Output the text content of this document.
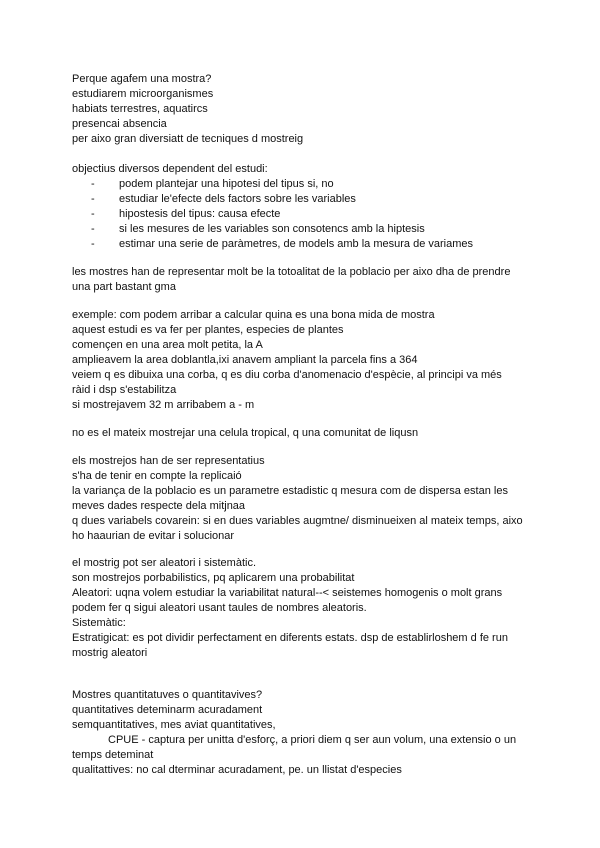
Perque agafem una mostra?
estudiarem microorganismes
habiats terrestres, aquatircs
presencai absencia
per aixo gran diversiatt de tecniques d mostreig
objectius diversos dependent del estudi:
- podem plantejar una hipotesi del tipus si, no
- estudiar le'efecte dels factors sobre les variables
- hipostesis del tipus: causa efecte
- si les mesures de les variables son consotencs amb la hiptesis
- estimar una serie de paràmetres, de models amb la mesura de variames
les mostres han de representar molt be la totoalitat de la poblacio per aixo dha de prendre
una part bastant gma
exemple: com podem arribar a calcular quina es una bona mida de mostra
aquest estudi es va fer per plantes, especies de plantes
començen en una area molt petita, la A
amplieavem la area doblantla,ixi anavem ampliant la parcela fins a 364
veiem q es dibuixa una corba, q es diu corba d'anomenacio d'espècie, al principi va més
ràid i dsp s'estabilitza
si mostrejavem 32 m arribabem a - m
no es el mateix mostrejar una celula tropical, q una comunitat de liqusn
els mostrejos han de ser representatius
s'ha de tenir en compte la replicaió
la variança de la poblacio es un parametre estadistic q mesura com de dispersa estan les
meves dades respecte dela mitjnaa
q dues variabels covarein: si en dues variables augmtne/ disminueixen al mateix temps, aixo
ho haaurian de evitar i solucionar
el mostrig pot ser aleatori i sistemàtic.
son mostrejos porbabilistics, pq aplicarem una probabilitat
Aleatori: uqna volem estudiar la variabilitat natural--< seistemes homogenis o molt grans
podem fer q sigui aleatori usant taules de nombres aleatoris.
Sistemàtic:
Estratigicat: es pot dividir perfectament en diferents estats. dsp de establirloshem d fe run
mostrig aleatori
Mostres quantitatuves o quantitavives?
quantitatives deteminarm acuradament
semquantitatives, mes aviat quantitatives,
CPUE - captura per unitta d'esforç, a priori diem q ser aun volum, una extensio o un
temps deteminat
qualitattives: no cal dterminar acuradament, pe. un llistat d'especies
